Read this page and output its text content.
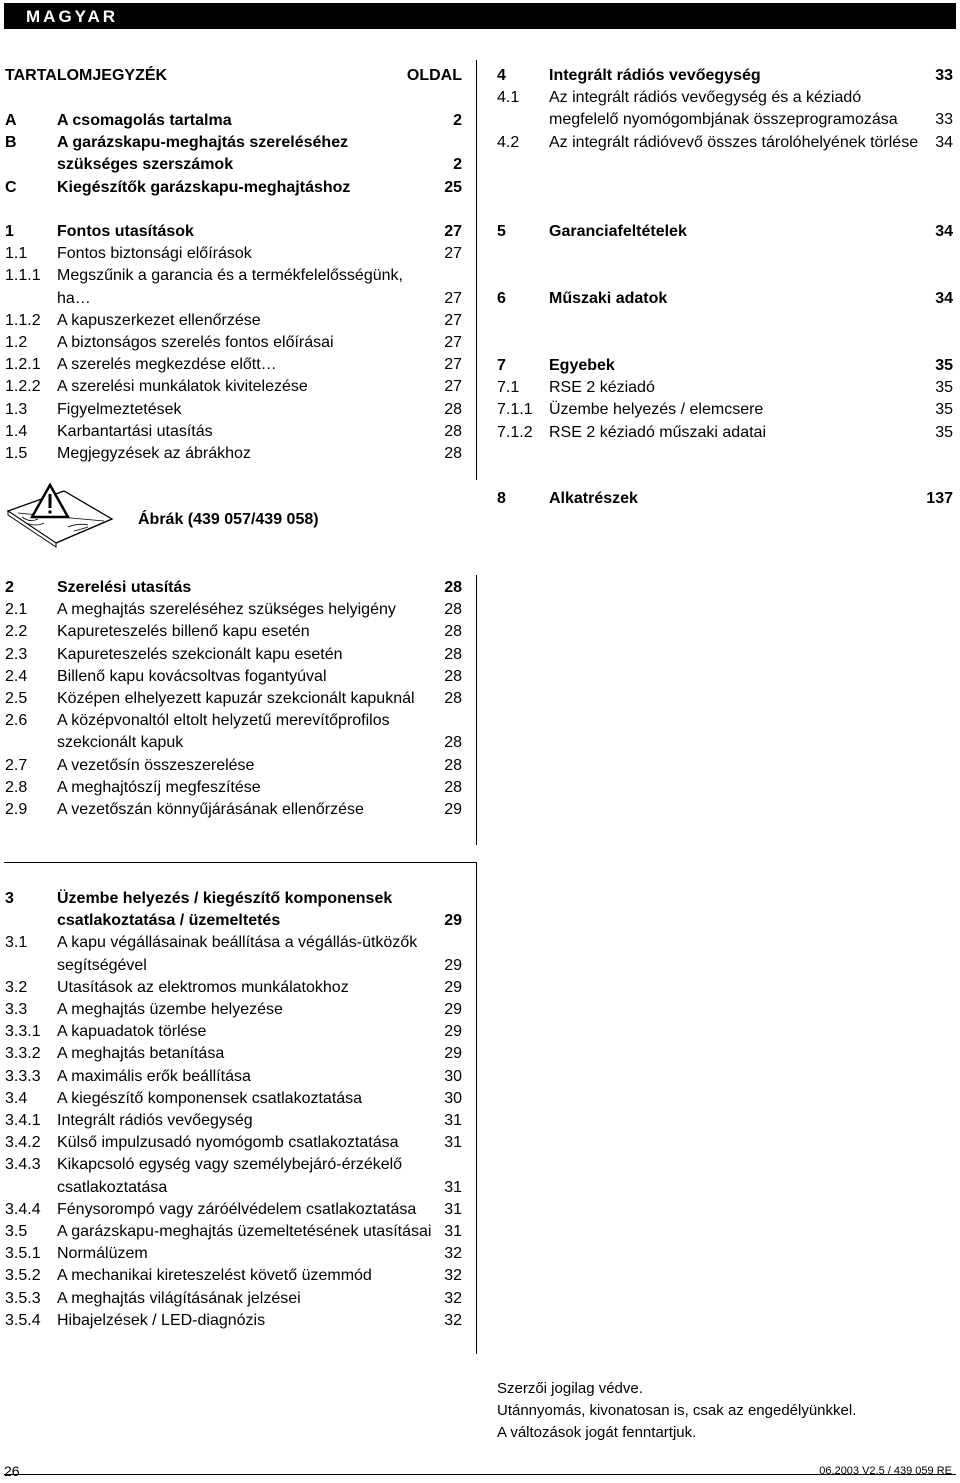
MAGYAR
TARTALOMJEGYZÉK	OLDAL
A	A csomagolás tartalma	2
B	A garázskapu-meghajtás szereléséhez szükséges szerszámok	2
C	Kiegészítők garázskapu-meghajtáshoz	25
1	Fontos utasítások	27
1.1	Fontos biztonsági előírások	27
1.1.1	Megszűnik a garancia és a termékfelelősségünk, ha…	27
1.1.2	A kapuszerkezet ellenőrzése	27
1.2	A biztonságos szerelés fontos előírásai	27
1.2.1	A szerelés megkezdése előtt…	27
1.2.2	A szerelési munkálatok kivitelezése	27
1.3	Figyelmeztetések	28
1.4	Karbantartási utasítás	28
1.5	Megjegyzések az ábrákhoz	28
Ábrák (439 057/439 058)
2	Szerelési utasítás	28
2.1	A meghajtás szereléséhez szükséges helyigény	28
2.2	Kapureteszelés billenő kapu esetén	28
2.3	Kapureteszelés szekcionált kapu esetén	28
2.4	Billenő kapu kovácsoltvas fogantyúval	28
2.5	Középen elhelyezett kapuzár szekcionált kapuknál	28
2.6	A középvonaltól eltolt helyzetű merevítőprofilos szekcionált kapuk	28
2.7	A vezetősín összeszerelése	28
2.8	A meghajtószíj megfeszítése	28
2.9	A vezetőszán könnyűjárásának ellenőrzése	29
3	Üzembe helyezés / kiegészítő komponensek csatlakoztatása / üzemeltetés	29
3.1	A kapu végállásainak beállítása a végállás-ütközők segítségével	29
3.2	Utasítások az elektromos munkálatokhoz	29
3.3	A meghajtás üzembe helyezése	29
3.3.1	A kapuadatok törlése	29
3.3.2	A meghajtás betanítása	29
3.3.3	A maximális erők beállítása	30
3.4	A kiegészítő komponensek csatlakoztatása	30
3.4.1	Integrált rádiós vevőegység	31
3.4.2	Külső impulzusadó nyomógomb csatlakoztatása	31
3.4.3	Kikapcsoló egység vagy személybejáró-érzékelő csatlakoztatása	31
3.4.4	Fénysorompó vagy záróélvédelem csatlakoztatása	31
3.5	A garázskapu-meghajtás üzemeltetésének utasításai 31
3.5.1	Normálüzem	32
3.5.2	A mechanikai kireteszelést követő üzemmód	32
3.5.3	A meghajtás világításának jelzései	32
3.5.4	Hibajelzések / LED-diagnózis	32
4	Integrált rádiós vevőegység	33
4.1	Az integrált rádiós vevőegység és a kéziadó megfelelő nyomógombjának összeprogramozása	33
4.2	Az integrált rádióvevő összes tárolóhelyének törlése	34
5	Garanciafeltételek	34
6	Műszaki adatok	34
7	Egyebek	35
7.1	RSE 2 kéziadó	35
7.1.1	Üzembe helyezés / elemcsere	35
7.1.2	RSE 2 kéziadó műszaki adatai	35
8	Alkatrészek	137
Szerzői jogilag védve.
Utánnyomás, kivonatosan is, csak az engedélyünkkel.
A változások jogát fenntartjuk.
26	06.2003 V2.5 / 439 059 RE
